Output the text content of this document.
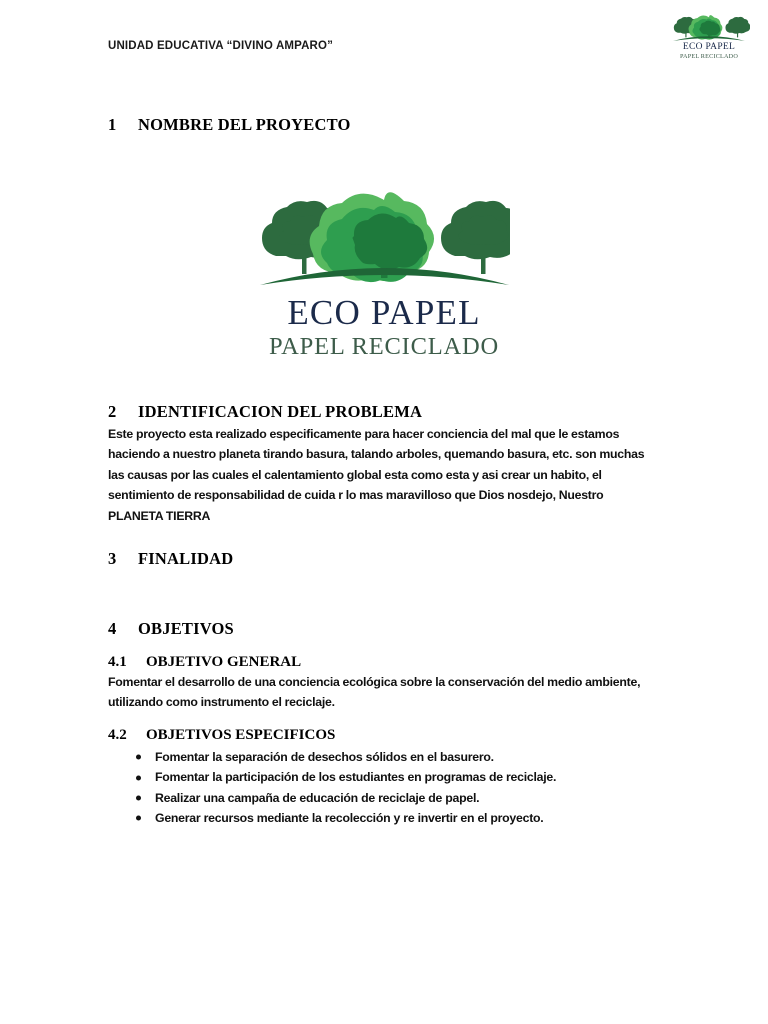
UNIDAD EDUCATIVA “DIVINO AMPARO”	ECO PAPEL
PAPEL RECICLADO
1 NOMBRE DEL PROYECTO
ECO PAPEL
PAPEL RECICLADO
2 IDENTIFICACION DEL PROBLEMA
Este proyecto esta realizado especificamente para hacer conciencia del mal que le estamos haciendo a nuestro planeta tirando basura, talando arboles, quemando basura, etc. son muchas las causas por las cuales el calentamiento global esta como esta y asi crear un habito, el sentimiento de responsabilidad de cuida r lo mas maravilloso que Dios nosdejo, Nuestro PLANETA TIERRA
3 FINALIDAD
4 OBJETIVOS
4.1 OBJETIVO GENERAL
Fomentar el desarrollo de una conciencia ecológica sobre la conservación del medio ambiente, utilizando como instrumento el reciclaje.
4.2 OBJETIVOS ESPECIFICOS
Fomentar la separación de desechos sólidos en el basurero.
Fomentar la participación de los estudiantes en programas de reciclaje.
Realizar una campaña de educación de reciclaje de papel.
Generar recursos mediante la recolección y re invertir en el proyecto.
